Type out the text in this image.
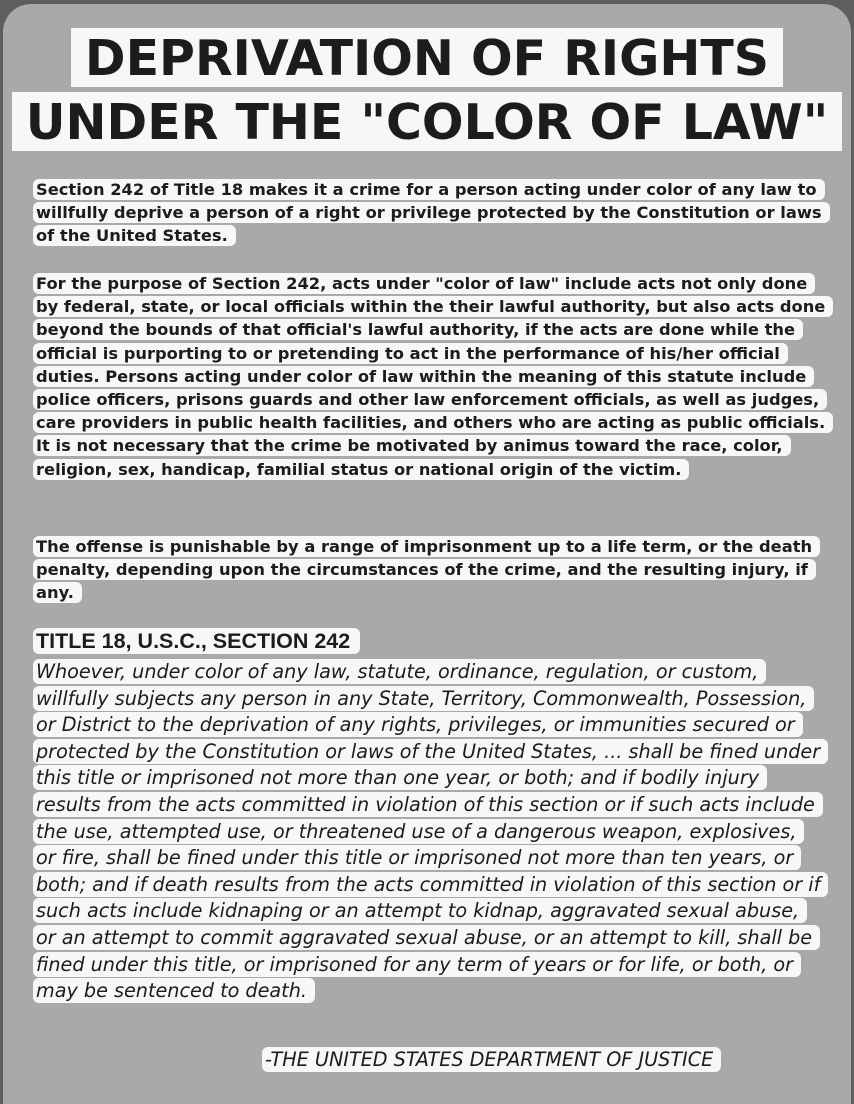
DEPRIVATION OF RIGHTS
UNDER THE "COLOR OF LAW"
Section 242 of Title 18 makes it a crime for a person acting under color of any law to willfully deprive a person of a right or privilege protected by the Constitution or laws of the United States.
For the purpose of Section 242, acts under "color of law" include acts not only done by federal, state, or local officials within the their lawful authority, but also acts done beyond the bounds of that official's lawful authority, if the acts are done while the official is purporting to or pretending to act in the performance of his/her official duties. Persons acting under color of law within the meaning of this statute include police officers, prisons guards and other law enforcement officials, as well as judges, care providers in public health facilities, and others who are acting as public officials. It is not necessary that the crime be motivated by animus toward the race, color, religion, sex, handicap, familial status or national origin of the victim.
The offense is punishable by a range of imprisonment up to a life term, or the death penalty, depending upon the circumstances of the crime, and the resulting injury, if any.
TITLE 18, U.S.C., SECTION 242
Whoever, under color of any law, statute, ordinance, regulation, or custom, willfully subjects any person in any State, Territory, Commonwealth, Possession, or District to the deprivation of any rights, privileges, or immunities secured or protected by the Constitution or laws of the United States, ... shall be fined under this title or imprisoned not more than one year, or both; and if bodily injury results from the acts committed in violation of this section or if such acts include the use, attempted use, or threatened use of a dangerous weapon, explosives, or fire, shall be fined under this title or imprisoned not more than ten years, or both; and if death results from the acts committed in violation of this section or if such acts include kidnaping or an attempt to kidnap, aggravated sexual abuse, or an attempt to commit aggravated sexual abuse, or an attempt to kill, shall be fined under this title, or imprisoned for any term of years or for life, or both, or may be sentenced to death.
-THE UNITED STATES DEPARTMENT OF JUSTICE
